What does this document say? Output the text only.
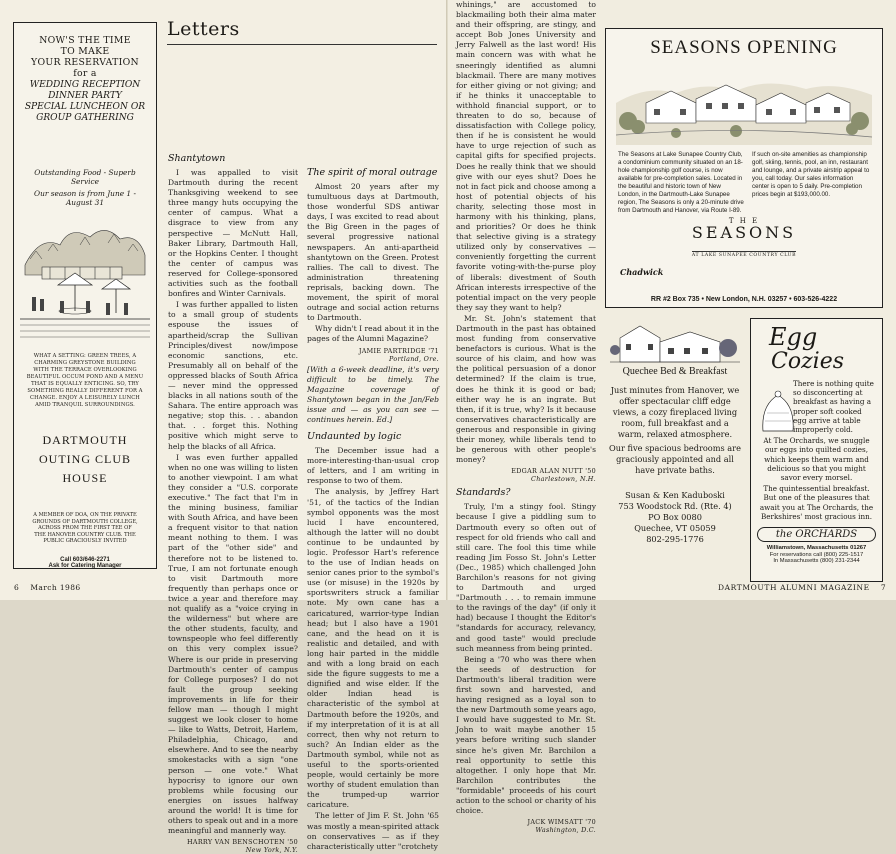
NOW'S THE TIME
TO MAKE
YOUR RESERVATION
for a
WEDDING RECEPTION
DINNER PARTY
SPECIAL LUNCHEON OR
GROUP GATHERING
Outstanding Food - Superb Service
Our season is from June 1 - August 31
WHAT A SETTING: GREEN TREES, A CHARMING GREYSTONE BUILDING WITH THE TERRACE OVERLOOKING BEAUTIFUL OCCUM POND AND A MENU THAT IS EQUALLY ENTICING. SO, TRY SOMETHING REALLY DIFFERENT FOR A CHANGE. ENJOY A LEISURELY LUNCH AMID TRANQUIL SURROUNDINGS.
DARTMOUTH
OUTING CLUB
HOUSE
A MEMBER OF DOA, ON THE PRIVATE GROUNDS OF DARTMOUTH COLLEGE, ACROSS FROM THE FIRST TEE OF THE HANOVER COUNTRY CLUB. THE PUBLIC GRACIOUSLY INVITED
Call 603/646-2271
Ask for Catering Manager
Letters
Shantytown

I was appalled to visit Dartmouth during the recent Thanksgiving weekend to see three mangy huts occupying the center of campus. What a disgrace to view from any perspective — McNutt Hall, Baker Library, Dartmouth Hall, or the Hopkins Center. I thought the center of campus was reserved for College-sponsored activities such as the football bonfires and Winter Carnivals.

I was further appalled to listen to a small group of students espouse the issues of apartheid/scrap the Sullivan Principles/divest now/impose economic sanctions, etc. Presumably all on behalf of the oppressed blacks of South Africa — never mind the oppressed blacks in all nations south of the Sahara. The entire approach was negative; stop this. . . abandon that. . . forget this. Nothing positive which might serve to help the blacks of all Africa.

I was even further appalled when no one was willing to listen to another viewpoint. I am what they consider a "U.S. corporate executive." The fact that I'm in the mining business, familiar with South Africa, and have been a frequent visitor to that nation meant nothing to them. I was part of the "other side" and therefore not to be listened to. True, I am not fortunate enough to visit Dartmouth more frequently than perhaps once or twice a year and therefore may not qualify as a "voice crying in the wilderness" but where are the other students, faculty, and townspeople who feel differently on this very complex issue? Where is our pride in preserving Dartmouth's center of campus for College purposes? I do not fault the group seeking improvements in life for their fellow man — though I might suggest we look closer to home — like to Watts, Detroit, Harlem, Philadelphia, Chicago, and elsewhere. And to see the nearby smokestacks with a sign "one person — one vote." What hypocrisy to ignore our own problems while focusing our energies on issues halfway around the world! It is time for others to speak out and in a more meaningful and mannerly way.

HARRY VAN BENSCHOTEN '50
New York, N.Y.
The spirit of moral outrage

Almost 20 years after my tumultuous days at Dartmouth, those wonderful SDS antiwar days, I was excited to read about the Big Green in the pages of several progressive national newspapers. An anti-apartheid shantytown on the Green. Protest rallies. The call to divest. The administration threatening reprisals, backing down. The movement, the spirit of moral outrage and social action returns to Dartmouth.

Why didn't I read about it in the pages of the Alumni Magazine?

JAMIE PARTRIDGE '71
Portland, Ore.
[With a 6-week deadline, it's very difficult to be timely. The Magazine coverage of Shantytown began in the Jan/Feb issue and — as you can see — continues herein. Ed.]
Undaunted by logic

The December issue had a more-interesting-than-usual crop of letters, and I am writing in response to two of them.

The analysis, by Jeffrey Hart '51, of the tactics of the Indian symbol opponents was the most lucid I have encountered, although the latter will no doubt continue to be undaunted by logic. Professor Hart's reference to the use of Indian heads on senior canes prior to the symbol's use (or misuse) in the 1920s by sportswriters struck a familiar note. My own cane has a caricatured, warrior-type Indian head; but I also have a 1901 cane, and the head on it is realistic and detailed, and with long hair parted in the middle and with a long braid on each side the figure suggests to me a dignified and wise elder. If the older Indian head is characteristic of the symbol at Dartmouth before the 1920s, and if my interpretation of it is at all correct, then why not return to such? An Indian elder as the Dartmouth symbol, while not as useful to the sports-oriented people, would certainly be more worthy of student emulation than the trumped-up warrior caricature.

The letter of Jim F. St. John '65 was mostly a mean-spirited attack on conservatives — as if they characteristically utter "crotchety

6 March 1986

whinings," are accustomed to blackmailing both their alma mater and their offspring, are stingy, and accept Bob Jones University and Jerry Falwell as the last word! His main concern was with what he sneeringly identified as alumni blackmail. There are many motives for either giving or not giving; and if he thinks it unacceptable to withhold financial support, or to threaten to do so, because of dissatisfaction with College policy, then if he is consistent he would have to urge rejection of such as capital gifts for specified projects. Does he really think that we should give with our eyes shut? Does he not in fact pick and choose among a host of potential objects of his charity, selecting those most in harmony with his thinking, plans, and priorities? Or does he think that selective giving is a strategy utilized only by conservatives — conveniently forgetting the current favorite voting-with-the-purse ploy of liberals: divestment of South African interests irrespective of the potential impact on the very people they say they want to help?

Mr. St. John's statement that Dartmouth in the past has obtained most funding from conservative benefactors is curious. What is the source of his claim, and how was the political persuasion of a donor determined? If the claim is true, does he think it is good or bad; either way he is an ingrate. But then, if it is true, why? Is it because conservatives characteristically are generous and responsible in giving their money, while liberals tend to be generous with other people's money?

EDGAR ALAN NUTT '50
Charlestown, N.H.
Standards?

Truly, I'm a stingy fool. Stingy because I give a piddling sum to Dartmouth every so often out of respect for old friends who call and still care. The fool this time while reading Jim Fosso St. John's Letter (Dec., 1985) which challenged John Barchilon's reasons for not giving to Dartmouth and urged "Dartmouth . . . to remain immune to the ravings of the day" (if only it had) because I thought the Editor's "standards for accuracy, relevancy, and good taste" would preclude such meanness from being printed.

Being a '70 who was there when the seeds of destruction for Dartmouth's liberal tradition were first sown and harvested, and having resigned as a loyal son to the new Dartmouth some years ago, I would have suggested to Mr. St. John to wait maybe another 15 years before writing such slander since he's given Mr. Barchilon a real opportunity to settle this altogether. I only hope that Mr. Barchilon contributes the "formidable" proceeds of his court action to the school or charity of his choice.

JACK WIMSATT '70
Washington, D.C.
SEASONS OPENING
The Seasons at Lake Sunapee Country Club, a condominium community situated on an 18-hole championship golf course, is now available for pre-completion sales. Located in the beautiful and historic town of New London, in the Dartmouth-Lake Sunapee region, The Seasons is only a 20-minute drive from Dartmouth and Hanover, via Route I-89.
If such on-site amenities as championship golf, skiing, tennis, pool, an inn, restaurant and lounge, and a private airstrip appeal to you, call today. Our sales information center is open to 5 daily. Pre-completion prices begin at $193,000.00.
T H E
SEASONS
AT LAKE SUNAPEE COUNTRY CLUB
Chadwick
RR #2 Box 735 • New London, N.H. 03257 • 603-526-4222
Quechee Bed & Breakfast
Just minutes from Hanover, we offer spectacular cliff edge views, a cozy fireplaced living room, full breakfast and a warm, relaxed atmosphere.
Our five spacious bedrooms are graciously appointed and all have private baths.
Susan & Ken Kaduboski
753 Woodstock Rd. (Rte. 4)
PO Box 0080
Quechee, VT 05059
802-295-1776
Egg
Cozies
There is nothing quite so disconcerting at breakfast as having a proper soft cooked egg arrive at table improperly cold.
At The Orchards, we snuggle our eggs into quilted cozies, which keeps them warm and delicious so that you might savor every morsel.
The quintessential breakfast. But one of the pleasures that await you at The Orchards, the Berkshires' most gracious inn.
the ORCHARDS
Williamstown, Massachusetts 01267
For reservations call (800) 225-1517
In Massachusetts (800) 231-2344
DARTMOUTH ALUMNI MAGAZINE 7
